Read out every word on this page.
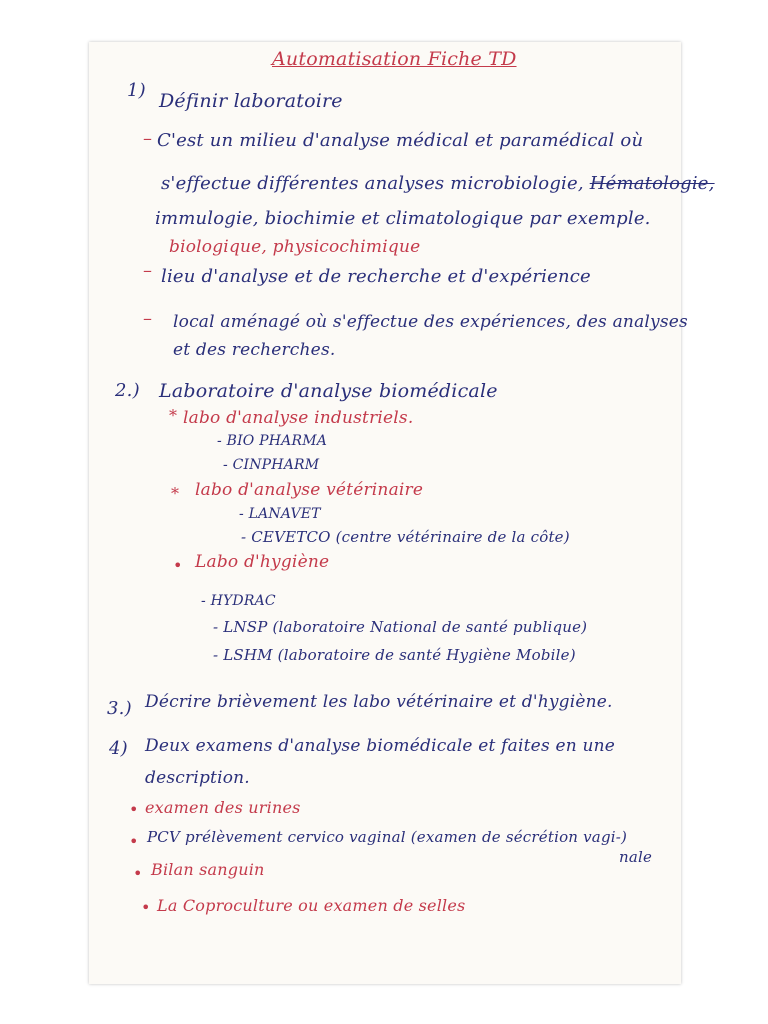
Automatisation Fiche TD
1) Définir laboratoire
– C'est un milieu d'analyse médical et paramédical où
s'effectue différentes analyses microbiologie, Hématologie,
immulogie, biochimie et climatologique par exemple.
biologique, physicochimique
– lieu d'analyse et de recherche et d'expérience
– local aménagé où s'effectue des expériences, des analyses
et des recherches.
2.) Laboratoire d'analyse biomédicale
* labo d'analyse industriels.
- BIO PHARMA
- CINPHARM
* labo d'analyse vétérinaire
- LANAVET
- CEVETCO (centre vétérinaire de la côte)
• Labo d'hygiène
- HYDRAC
- LNSP (laboratoire National de santé publique)
- LSHM (laboratoire de santé Hygiène Mobile)
3.) Décrire brièvement les labo vétérinaire et d'hygiène.
4) Deux examens d'analyse biomédicale et faites en une
description.
• examen des urines
• PCV prélèvement cervico vaginal (examen de sécrétion vagi-)
nale
• Bilan sanguin
• La Coproculture ou examen de selles
